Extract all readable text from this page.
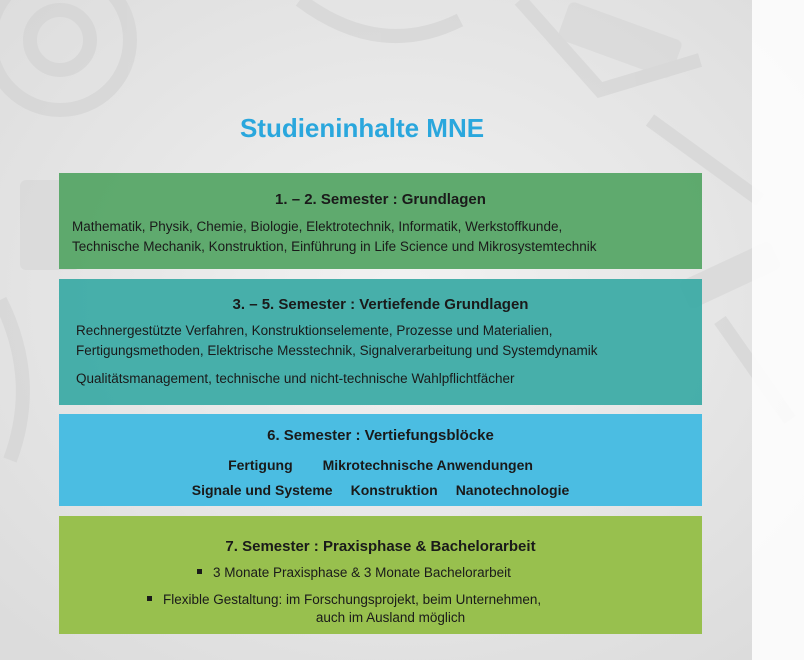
Studieninhalte MNE
1. – 2. Semester : Grundlagen
Mathematik, Physik, Chemie, Biologie, Elektrotechnik, Informatik, Werkstoffkunde,
Technische Mechanik, Konstruktion, Einführung in Life Science und Mikrosystemtechnik
3. – 5. Semester : Vertiefende Grundlagen
Rechnergestützte Verfahren, Konstruktionselemente, Prozesse und Materialien,
Fertigungsmethoden, Elektrische Messtechnik, Signalverarbeitung und Systemdynamik
Qualitätsmanagement, technische und nicht-technische Wahlpflichtfächer
6. Semester : Vertiefungsblöcke
Fertigung Mikrotechnische Anwendungen
Signale und Systeme Konstruktion Nanotechnologie
7. Semester : Praxisphase & Bachelorarbeit
3 Monate Praxisphase & 3 Monate Bachelorarbeit
Flexible Gestaltung: im Forschungsprojekt, beim Unternehmen,
auch im Ausland möglich
